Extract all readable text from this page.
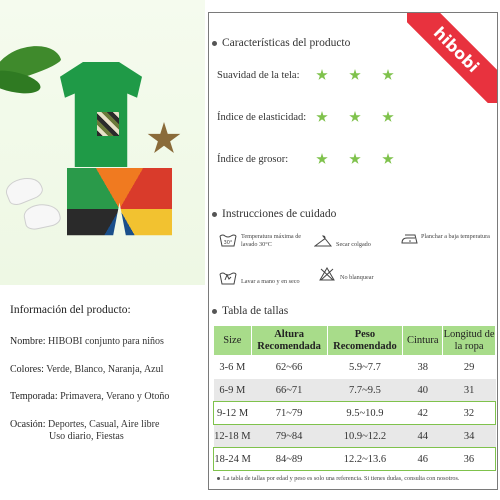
Información del producto:
Nombre: HIBOBI conjunto para niños
Colores: Verde, Blanco, Naranja, Azul
Temporada: Primavera, Verano y Otoño
Ocasión: Deportes, Casual, Aire libre
Uso diario, Fiestas
hibobi
Características del producto
Suavidad de la tela:
Índice de elasticidad:
Índice de grosor:
Instrucciones de cuidado
30°
Temperatura máxima de lavado 30°C	Secar colgado
Planchar a baja temperatura
Lavar a mano y en seco
No blanquear
Tabla de tallas
Size	Altura Recomendada	Peso Recomendado	Cintura	Longitud de la ropa
3-6 M	62~66	5.9~7.7	38	29
6-9 M	66~71	7.7~9.5	40	31
9-12 M	71~79	9.5~10.9	42	32
12-18 M	79~84	10.9~12.2	44	34
18-24 M	84~89	12.2~13.6	46	36
La tabla de tallas por edad y peso es solo una referencia. Si tienes dudas, consulta con nosotros.
